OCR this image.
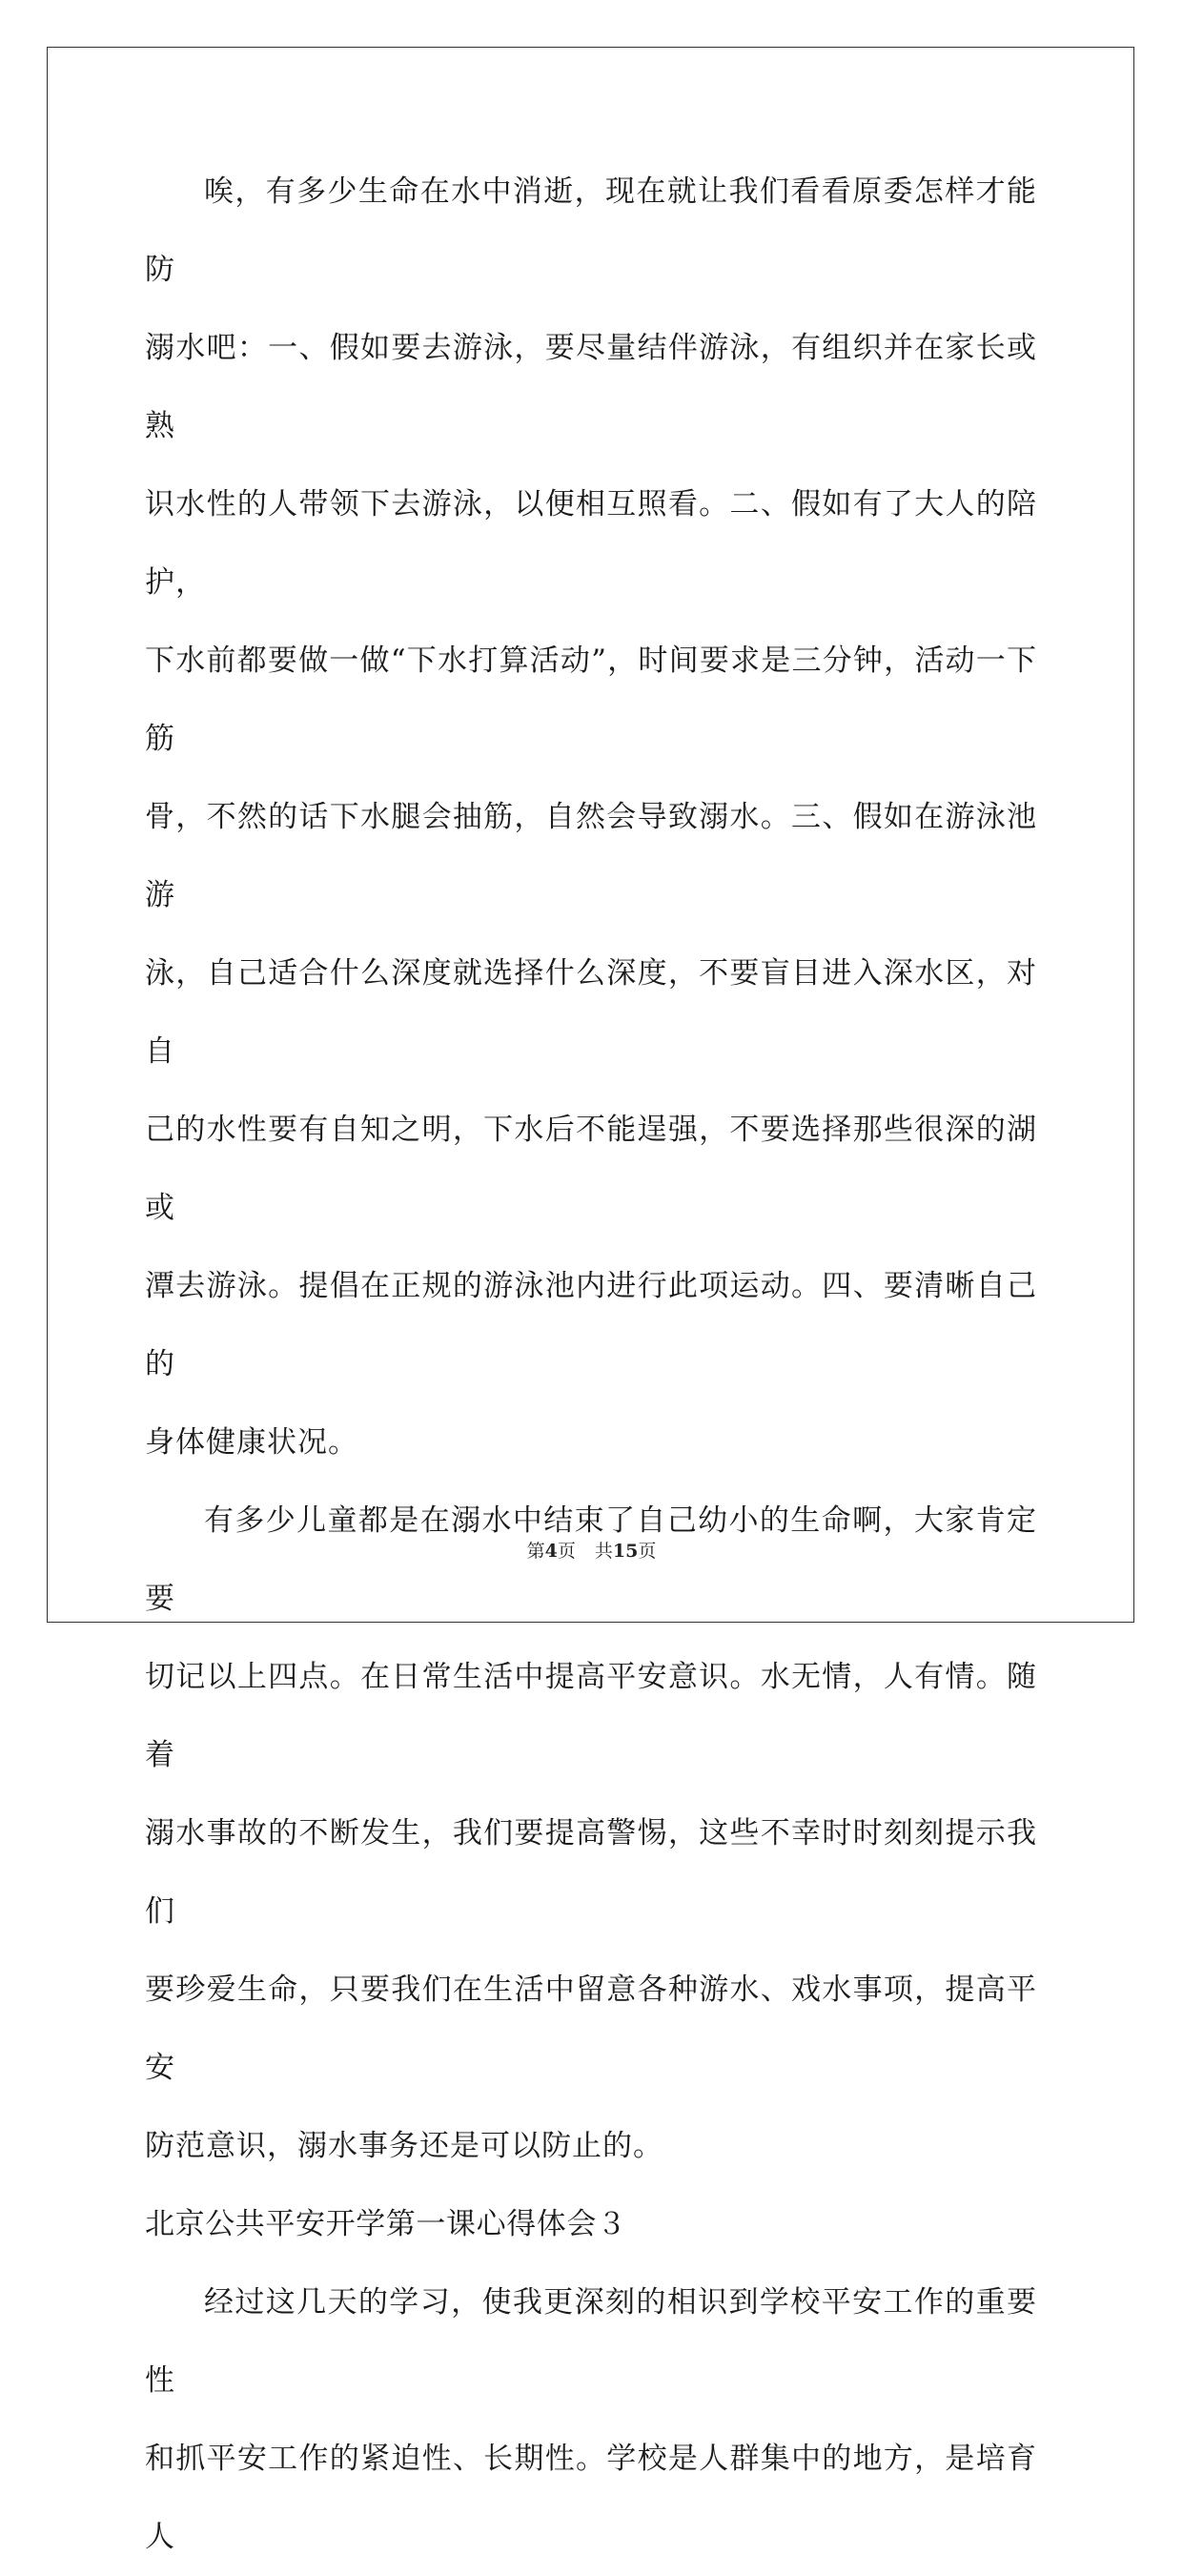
唉，有多少生命在水中消逝，现在就让我们看看原委怎样才能防
溺水吧：一、假如要去游泳，要尽量结伴游泳，有组织并在家长或熟
识水性的人带领下去游泳，以便相互照看。二、假如有了大人的陪护，
下水前都要做一做“下水打算活动”，时间要求是三分钟，活动一下筋
骨，不然的话下水腿会抽筋，自然会导致溺水。三、假如在游泳池游
泳，自己适合什么深度就选择什么深度，不要盲目进入深水区，对自
己的水性要有自知之明，下水后不能逞强，不要选择那些很深的湖或
潭去游泳。提倡在正规的游泳池内进行此项运动。四、要清晰自己的
身体健康状况。

有多少儿童都是在溺水中结束了自己幼小的生命啊，大家肯定要
切记以上四点。在日常生活中提高平安意识。水无情，人有情。随着
溺水事故的不断发生，我们要提高警惕，这些不幸时时刻刻提示我们
要珍爱生命，只要我们在生活中留意各种游水、戏水事项，提高平安
防范意识，溺水事务还是可以防止的。

北京公共平安开学第一课心得体会３

经过这几天的学习，使我更深刻的相识到学校平安工作的重要性
和抓平安工作的紧迫性、长期性。学校是人群集中的地方，是培育人

第4页 共15页
